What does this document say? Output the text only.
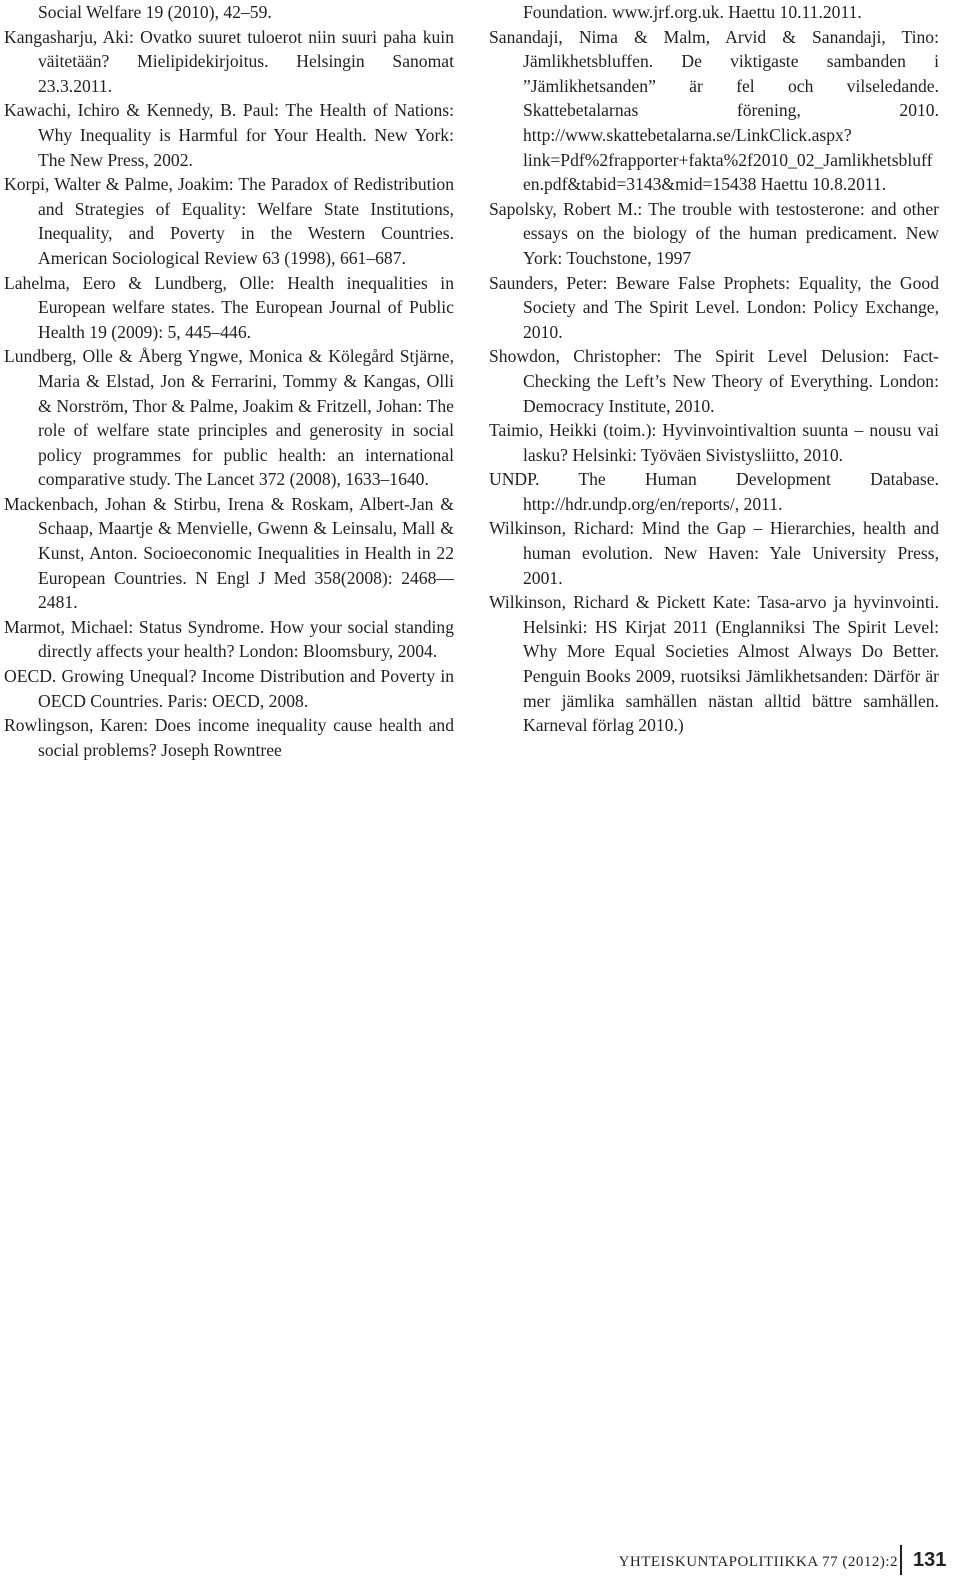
Social Welfare 19 (2010), 42–59.

Kangasharju, Aki: Ovatko suuret tuloerot niin suuri paha kuin väitetään? Mielipidekirjoitus. Helsingin Sanomat 23.3.2011.

Kawachi, Ichiro & Kennedy, B. Paul: The Health of Nations: Why Inequality is Harmful for Your Health. New York: The New Press, 2002.

Korpi, Walter & Palme, Joakim: The Paradox of Redistribution and Strategies of Equality: Welfare State Institutions, Inequality, and Poverty in the Western Countries. American Sociological Review 63 (1998), 661–687.

Lahelma, Eero & Lundberg, Olle: Health inequalities in European welfare states. The European Journal of Public Health 19 (2009): 5, 445–446.

Lundberg, Olle & Åberg Yngwe, Monica & Kölegård Stjärne, Maria & Elstad, Jon & Ferrarini, Tommy & Kangas, Olli & Norström, Thor & Palme, Joakim & Fritzell, Johan: The role of welfare state principles and generosity in social policy programmes for public health: an international comparative study. The Lancet 372 (2008), 1633–1640.

Mackenbach, Johan & Stirbu, Irena & Roskam, Albert-Jan & Schaap, Maartje & Menvielle, Gwenn & Leinsalu, Mall & Kunst, Anton. Socioeconomic Inequalities in Health in 22 European Countries. N Engl J Med 358(2008): 2468—2481.

Marmot, Michael: Status Syndrome. How your social standing directly affects your health? London: Bloomsbury, 2004.

OECD. Growing Unequal? Income Distribution and Poverty in OECD Countries. Paris: OECD, 2008.

Rowlingson, Karen: Does income inequality cause health and social problems? Joseph Rowntree

Foundation. www.jrf.org.uk. Haettu 10.11.2011.

Sanandaji, Nima & Malm, Arvid & Sanandaji, Tino: Jämlikhetsbluffen. De viktigaste sambanden i ”Jämlikhetsanden” är fel och vilseledande. Skattebetalarnas förening, 2010. http://www.skattebetalarna.se/LinkClick.aspx?link=Pdf%2frapporter+fakta%2f2010_02_Jamlikhetsbluffen.pdf&tabid=3143&mid=15438 Haettu 10.8.2011.

Sapolsky, Robert M.: The trouble with testosterone: and other essays on the biology of the human predicament. New York: Touchstone, 1997

Saunders, Peter: Beware False Prophets: Equality, the Good Society and The Spirit Level. London: Policy Exchange, 2010.

Showdon, Christopher: The Spirit Level Delusion: Fact-Checking the Left’s New Theory of Everything. London: Democracy Institute, 2010.

Taimio, Heikki (toim.): Hyvinvointivaltion suunta – nousu vai lasku? Helsinki: Työväen Sivistysliitto, 2010.

UNDP. The Human Development Database. http://hdr.undp.org/en/reports/, 2011.

Wilkinson, Richard: Mind the Gap – Hierarchies, health and human evolution. New Haven: Yale University Press, 2001.

Wilkinson, Richard & Pickett Kate: Tasa-arvo ja hyvinvointi. Helsinki: HS Kirjat 2011 (Englanniksi The Spirit Level: Why More Equal Societies Almost Always Do Better. Penguin Books 2009, ruotsiksi Jämlikhetsanden: Därför är mer jämlika samhällen nästan alltid bättre samhällen. Karneval förlag 2010.)

YHTEISKUNTAPOLITIIKKA 77 (2012):2 131
